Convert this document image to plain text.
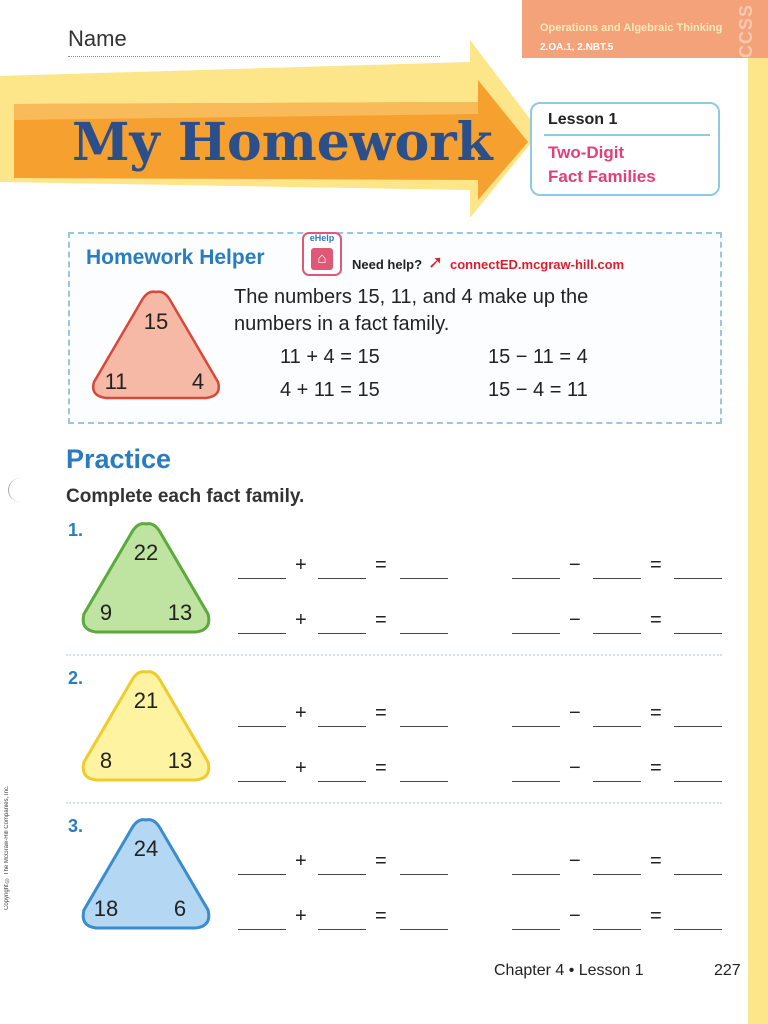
Name	Operations and Algebraic Thinking
2.OA.1, 2.NBT.5	CCSS
My Homework	Lesson 1
Two-Digit
Fact Families
Homework Helper
eHelp
⌂	Need help? ➚ connectED.mcgraw-hill.com
15
11	4
The numbers 15, 11, and 4 make up the
numbers in a fact family.
11 + 4 = 15	15 − 11 = 4
4 + 11 = 15	15 − 4 = 11
Practice
Complete each fact family.
1.
22
9	13
+	=	−	=
+	=	−	=
2.
21
8	13
+	=	−	=
+	=	−	=
3.
24
18	6
+	=	−	=
+	=	−	=
Chapter 4 • Lesson 1	227
Copyright © The McGraw-Hill Companies, Inc.
